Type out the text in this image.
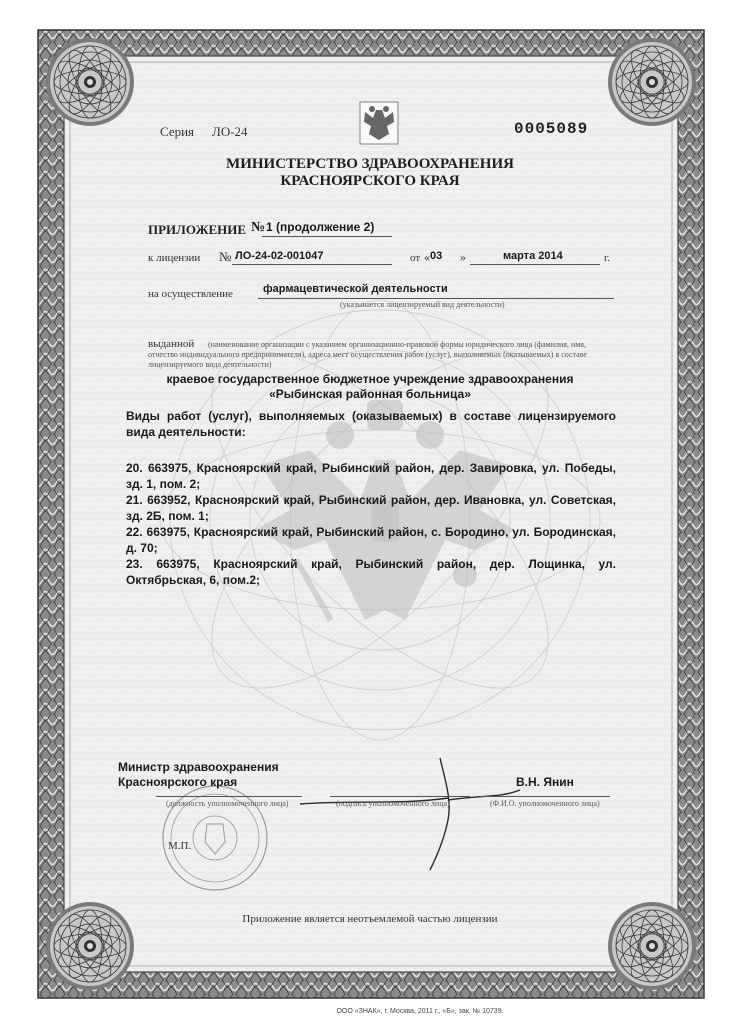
Серия ЛО-24	0005089
МИНИСТЕРСТВО ЗДРАВООХРАНЕНИЯ
КРАСНОЯРСКОГО КРАЯ
ПРИЛОЖЕНИЕ № 1 (продолжение 2)
к лицензии № ЛО-24-02-001047	от « 03 »	марта 2014	г.
на осуществление	фармацевтической деятельности
(указывается лицензируемый вид деятельности)
выданной	(наименование организации с указанием организационно-правовой формы юридического лица (фамилия, имя, отчество индивидуального предпринимателя), адреса мест осуществления работ (услуг), выполняемых (оказываемых) в составе лицензируемого вида деятельности)
краевое государственное бюджетное учреждение здравоохранения
«Рыбинская районная больница»
Виды работ (услуг), выполняемых (оказываемых) в составе лицензируемого вида деятельности:
20. 663975, Красноярский край, Рыбинский район, дер. Завировка, ул. Победы, зд. 1, пом. 2;
21. 663952, Красноярский край, Рыбинский район, дер. Ивановка, ул. Советская, зд. 2Б, пом. 1;
22. 663975, Красноярский край, Рыбинский район, с. Бородино, ул. Бородинская, д. 70;
23. 663975, Красноярский край, Рыбинский район, дер. Лощинка, ул. Октябрьская, 6, пом.2;
Министр здравоохранения
Красноярского края	В.Н. Янин
(должность уполномоченного лица)	(подпись уполномоченного лица)	(Ф.И.О. уполномоченного лица)
М.П.
Приложение является неотъемлемой частью лицензии
ООО «ЗНАК», г. Москва, 2011 г., «Б», зак. № 10739.
